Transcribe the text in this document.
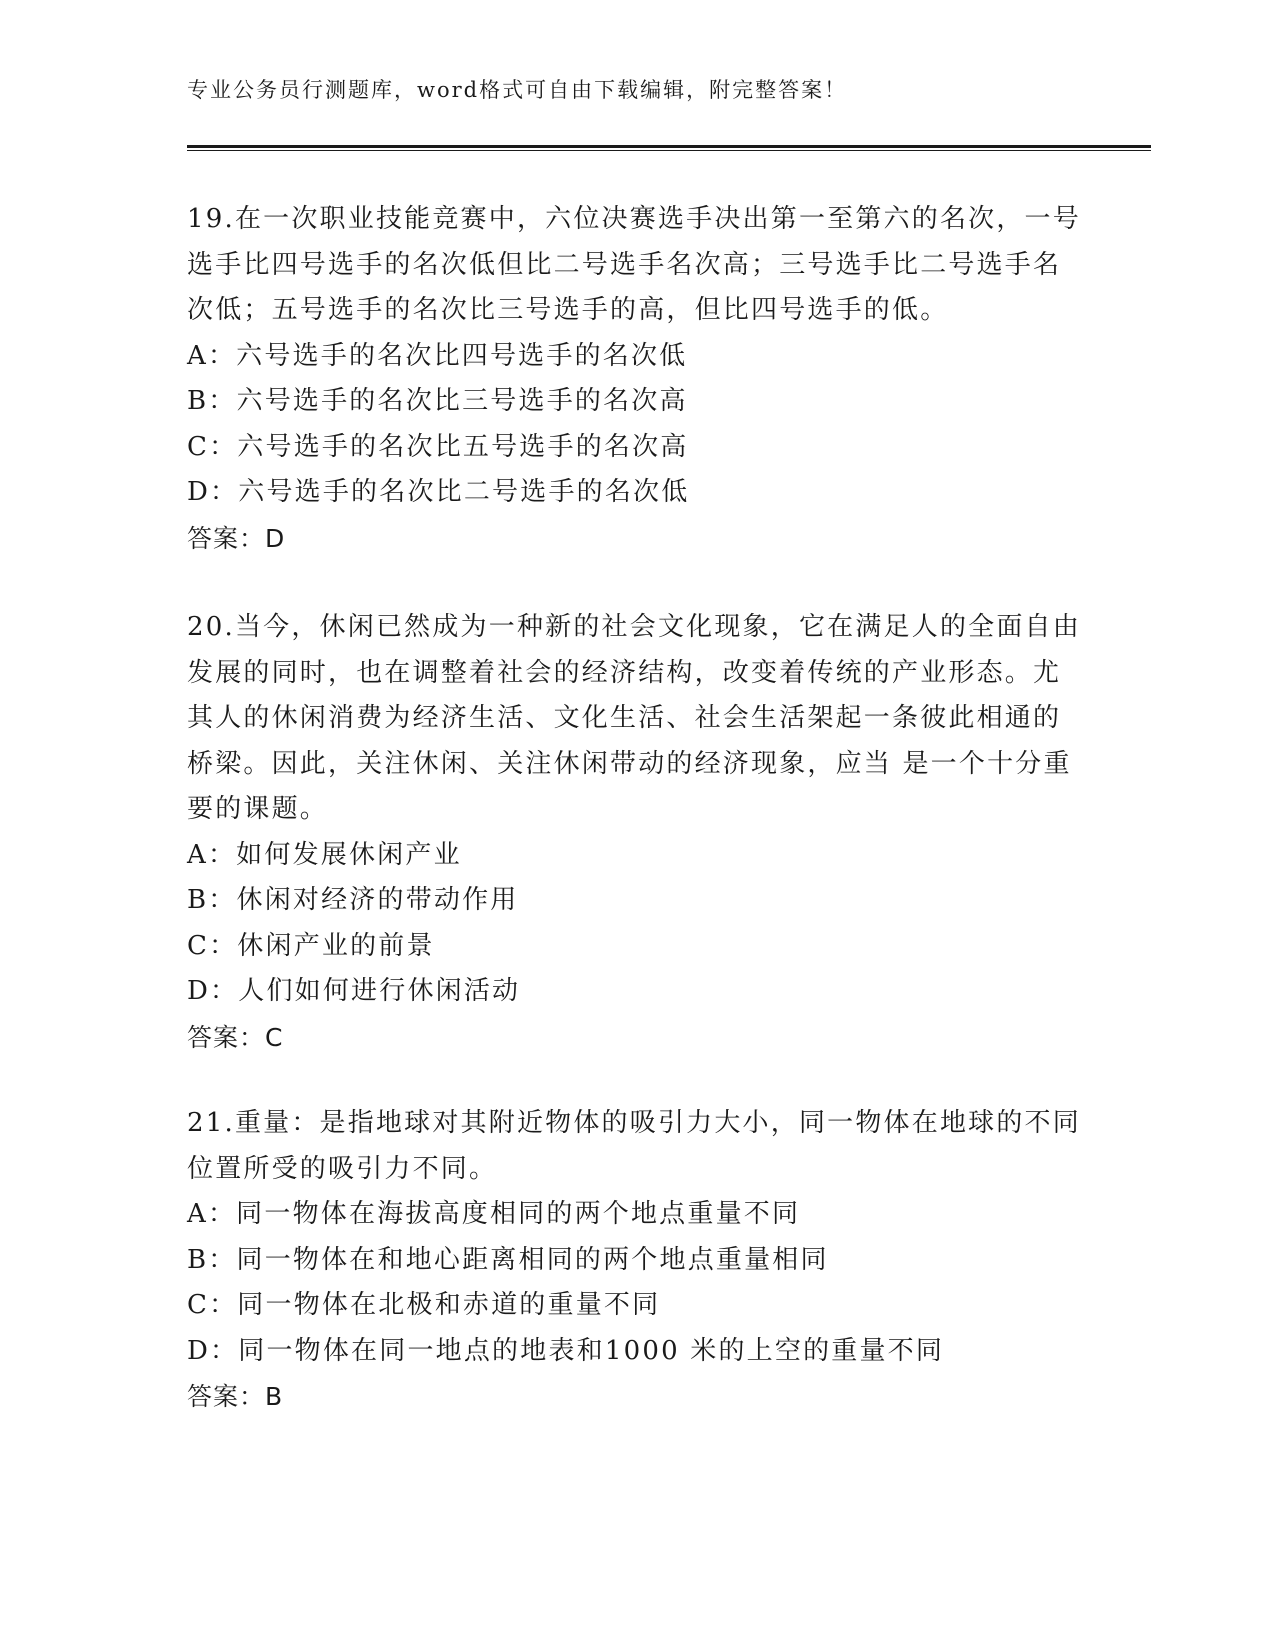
专业公务员行测题库，word格式可自由下载编辑，附完整答案！

19.在一次职业技能竞赛中，六位决赛选手决出第一至第六的名次，一号选手比四号选手的名次低但比二号选手名次高；三号选手比二号选手名次低；五号选手的名次比三号选手的高，但比四号选手的低。

A：六号选手的名次比四号选手的名次低

B：六号选手的名次比三号选手的名次高

C：六号选手的名次比五号选手的名次高

D：六号选手的名次比二号选手的名次低

答案：D

20.当今，休闲已然成为一种新的社会文化现象，它在满足人的全面自由发展的同时，也在调整着社会的经济结构，改变着传统的产业形态。尤其人的休闲消费为经济生活、文化生活、社会生活架起一条彼此相通的桥梁。因此，关注休闲、关注休闲带动的经济现象，应当 是一个十分重要的课题。

A：如何发展休闲产业

B：休闲对经济的带动作用

C：休闲产业的前景

D：人们如何进行休闲活动

答案：C

21.重量：是指地球对其附近物体的吸引力大小，同一物体在地球的不同位置所受的吸引力不同。

A：同一物体在海拔高度相同的两个地点重量不同

B：同一物体在和地心距离相同的两个地点重量相同

C：同一物体在北极和赤道的重量不同

D：同一物体在同一地点的地表和1000 米的上空的重量不同

答案：B
